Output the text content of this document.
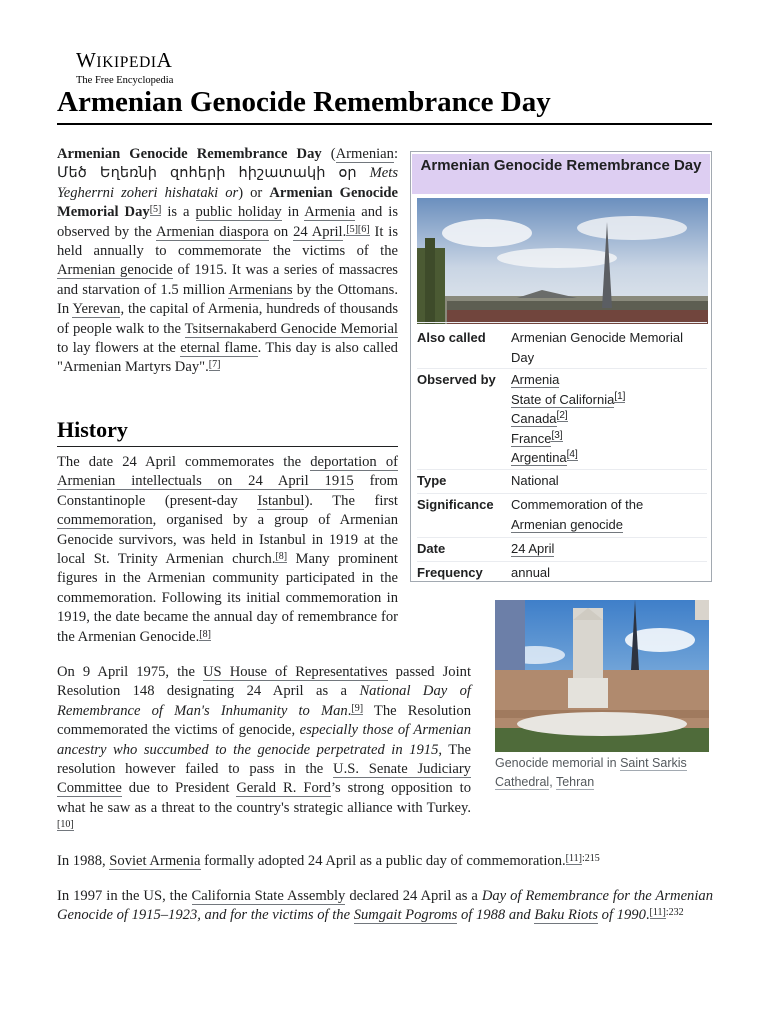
WIKIPEDIA
The Free Encyclopedia
Armenian Genocide Remembrance Day

Armenian Genocide Remembrance Day (Armenian: Մեծ Եղեռնի զոհերի հիշատակի օր Mets Yegherrni zoheri hishataki or) or Armenian Genocide Memorial Day[5] is a public holiday in Armenia and is observed by the Armenian diaspora on 24 April.[5][6] It is held annually to commemorate the victims of the Armenian genocide of 1915. It was a series of massacres and starvation of 1.5 million Armenians by the Ottomans. In Yerevan, the capital of Armenia, hundreds of thousands of people walk to the Tsitsernakaberd Genocide Memorial to lay flowers at the eternal flame. This day is also called "Armenian Martyrs Day".[7]

History

The date 24 April commemorates the deportation of Armenian intellectuals on 24 April 1915 from Constantinople (present-day Istanbul). The first commemoration, organised by a group of Armenian Genocide survivors, was held in Istanbul in 1919 at the local St. Trinity Armenian church.[8] Many prominent figures in the Armenian community participated in the commemoration. Following its initial commemoration in 1919, the date became the annual day of remembrance for the Armenian Genocide.[8]

On 9 April 1975, the US House of Representatives passed Joint Resolution 148 designating 24 April as a National Day of Remembrance of Man's Inhumanity to Man.[9] The Resolution commemorated the victims of genocide, especially those of Armenian ancestry who succumbed to the genocide perpetrated in 1915, The resolution however failed to pass in the U.S. Senate Judiciary Committee due to President Gerald R. Ford’s strong opposition to what he saw as a threat to the country's strategic alliance with Turkey.[10]

In 1988, Soviet Armenia formally adopted 24 April as a public day of commemoration.$^{[11]:215}$

In 1997 in the US, the California State Assembly declared 24 April as a Day of Remembrance for the Armenian Genocide of 1915–1923, and for the victims of the Sumgait Pogroms of 1988 and Baku Riots of 1990.$^{[11]:232}$

Armenian Genocide Remembrance Day
Also called Armenian Genocide Memorial Day
Observed by Armenia
State of California[1]
Canada[2]
France[3]
Argentina[4]
Type	National
Significance Commemoration of the
Armenian genocide
Date	24 April
Frequency annual
Genocide memorial in Saint Sarkis Cathedral, Tehran
